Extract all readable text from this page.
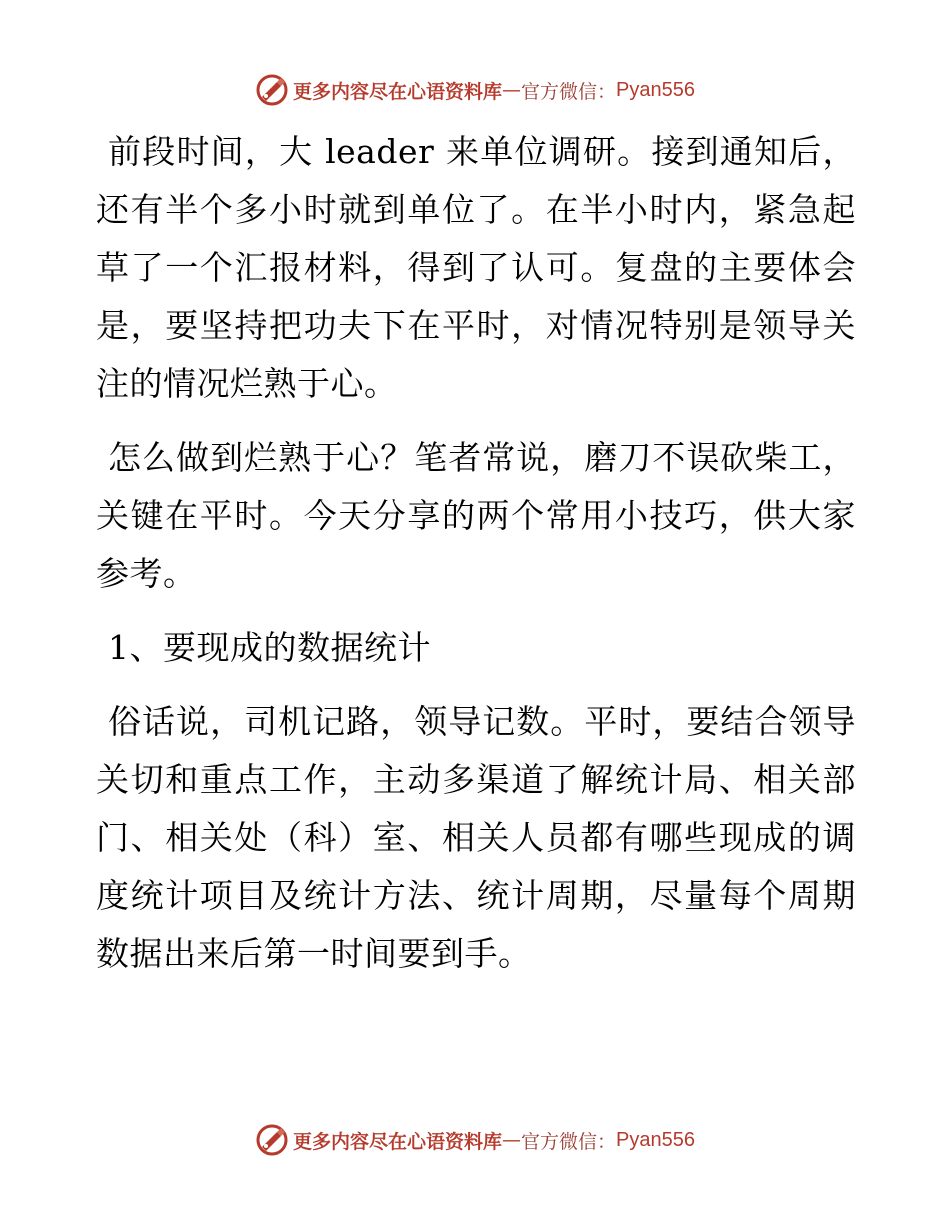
更多内容尽在心语资料库 — 官方微信： Pyan556

前段时间，大 leader 来单位调研。接到通知后，还有半个多小时就到单位了。在半小时内，紧急起草了一个汇报材料，得到了认可。复盘的主要体会是，要坚持把功夫下在平时，对情况特别是领导关注的情况烂熟于心。

怎么做到烂熟于心？笔者常说，磨刀不误砍柴工，关键在平时。今天分享的两个常用小技巧，供大家参考。

1、要现成的数据统计

俗话说，司机记路，领导记数。平时，要结合领导关切和重点工作，主动多渠道了解统计局、相关部门、相关处（科）室、相关人员都有哪些现成的调度统计项目及统计方法、统计周期，尽量每个周期数据出来后第一时间要到手。

更多内容尽在心语资料库 — 官方微信： Pyan556
